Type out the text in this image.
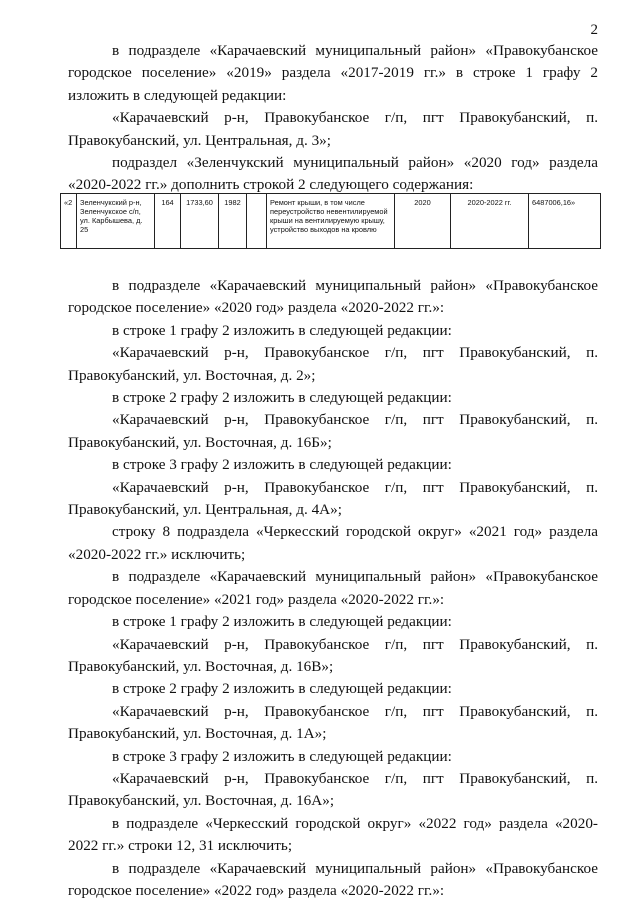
2

в подразделе «Карачаевский муниципальный район» «Правокубанское городское поселение» «2019» раздела «2017-2019 гг.» в строке 1 графу 2 изложить в следующей редакции:

«Карачаевский р-н, Правокубанское г/п, пгт Правокубанский, п. Правокубанский, ул. Центральная, д. 3»;

подраздел «Зеленчукский муниципальный район» «2020 год» раздела «2020-2022 гг.» дополнить строкой 2 следующего содержания:

«2	Зеленчукский р-н, Зеленчукское с/п, ул. Карбышева, д. 25	164	1733,60	1982		Ремонт крыши, в том числе переустройство невентилируемой крыши на вентилируемую крышу, устройство выходов на кровлю	2020	2020-2022 гг.	6487006,16»

в подразделе «Карачаевский муниципальный район» «Правокубанское городское поселение» «2020 год» раздела «2020-2022 гг.»:

в строке 1 графу 2 изложить в следующей редакции:

«Карачаевский р-н, Правокубанское г/п, пгт Правокубанский, п. Правокубанский, ул. Восточная, д. 2»;

в строке 2 графу 2 изложить в следующей редакции:

«Карачаевский р-н, Правокубанское г/п, пгт Правокубанский, п. Правокубанский, ул. Восточная, д. 16Б»;

в строке 3 графу 2 изложить в следующей редакции:

«Карачаевский р-н, Правокубанское г/п, пгт Правокубанский, п. Правокубанский, ул. Центральная, д. 4А»;

строку 8 подраздела «Черкесский городской округ» «2021 год» раздела «2020-2022 гг.» исключить;

в подразделе «Карачаевский муниципальный район» «Правокубанское городское поселение» «2021 год» раздела «2020-2022 гг.»:

в строке 1 графу 2 изложить в следующей редакции:

«Карачаевский р-н, Правокубанское г/п, пгт Правокубанский, п. Правокубанский, ул. Восточная, д. 16В»;

в строке 2 графу 2 изложить в следующей редакции:

«Карачаевский р-н, Правокубанское г/п, пгт Правокубанский, п. Правокубанский, ул. Восточная, д. 1А»;

в строке 3 графу 2 изложить в следующей редакции:

«Карачаевский р-н, Правокубанское г/п, пгт Правокубанский, п. Правокубанский, ул. Восточная, д. 16А»;

в подразделе «Черкесский городской округ» «2022 год» раздела «2020-2022 гг.» строки 12, 31 исключить;

в подразделе «Карачаевский муниципальный район» «Правокубанское городское поселение» «2022 год» раздела «2020-2022 гг.»:
